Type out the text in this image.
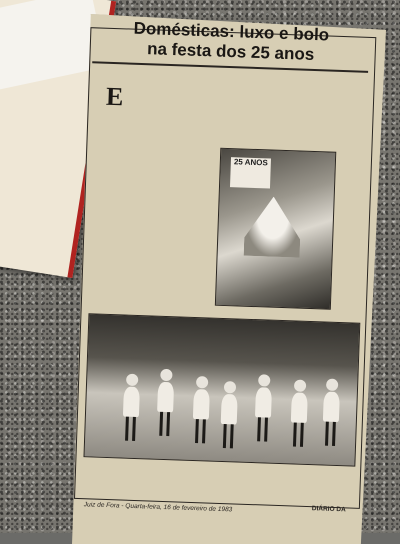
Domésticas: luxo e bolo
na festa dos 25 anos
E

25 ANOS

Juiz de Fora - Quarta-feira, 16 de fevereiro de 1983	DIÁRIO DA
